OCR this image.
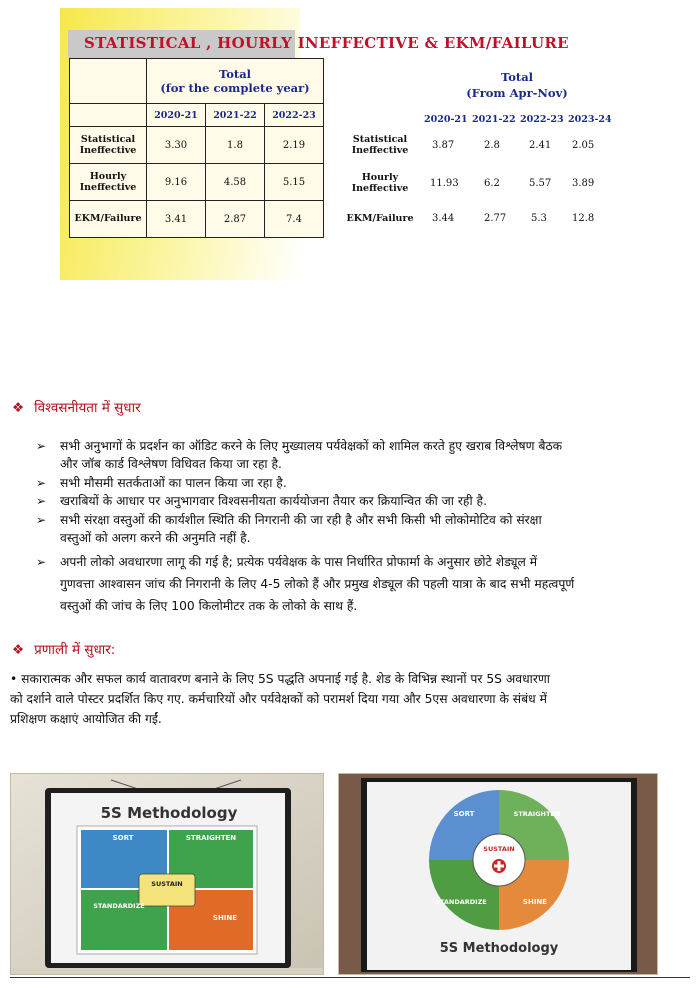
STATISTICAL , HOURLY INEFFECTIVE & EKM/FAILURE

	Total
(for the complete year)		

	2020-21	2021-22	2022-23

Statistical
Ineffective	3.30	1.8	2.19

Hourly
Ineffective	9.16	4.58	5.15
EKM/Failure	3.41	2.87	7.4
Total
(From Apr-Nov)
2020-21 2021-22 2022-23 2023-24
Statistical
Ineffective	3.87	2.8	2.41 2.05
Hourly
Ineffective	11.93	6.2	5.57 3.89
EKM/Failure 3.44	2.77 5.3	12.8
❖ विश्वसनीयता में सुधार
➢ सभी अनुभागों के प्रदर्शन का ऑडिट करने के लिए मुख्यालय पर्यवेक्षकों को शामिल करते हुए खराब विश्लेषण बैठक
और जॉब कार्ड विश्लेषण विधिवत किया जा रहा है.
➢ सभी मौसमी सतर्कताओं का पालन किया जा रहा है.
➢ खराबियों के आधार पर अनुभागवार विश्वसनीयता कार्ययोजना तैयार कर क्रियान्वित की जा रही है.
➢ सभी संरक्षा वस्तुओं की कार्यशील स्थिति की निगरानी की जा रही है और सभी किसी भी लोकोमोटिव को संरक्षा
वस्तुओं को अलग करने की अनुमति नहीं है.
➢ अपनी लोको अवधारणा लागू की गई है; प्रत्येक पर्यवेक्षक के पास निर्धारित प्रोफार्मा के अनुसार छोटे शेड्यूल में
गुणवत्ता आश्वासन जांच की निगरानी के लिए 4-5 लोको हैं और प्रमुख शेड्यूल की पहली यात्रा के बाद सभी महत्वपूर्ण
वस्तुओं की जांच के लिए 100 किलोमीटर तक के लोको के साथ हैं.
❖ प्रणाली में सुधार:
• सकारात्मक और सफल कार्य वातावरण बनाने के लिए 5S पद्धति अपनाई गई है. शेड के विभिन्न स्थानों पर 5S अवधारणा
को दर्शाने वाले पोस्टर प्रदर्शित किए गए. कर्मचारियों और पर्यवेक्षकों को परामर्श दिया गया और 5एस अवधारणा के संबंध में
प्रशिक्षण कक्षाएं आयोजित की गईं.
5S Methodology
SORT	STRAIGHTEN
SUSTAIN
STANDARDIZE
SHINE
SORT	STRAIGHTEN
SUSTAIN
STANDARDIZE	SHINE
5S Methodology
